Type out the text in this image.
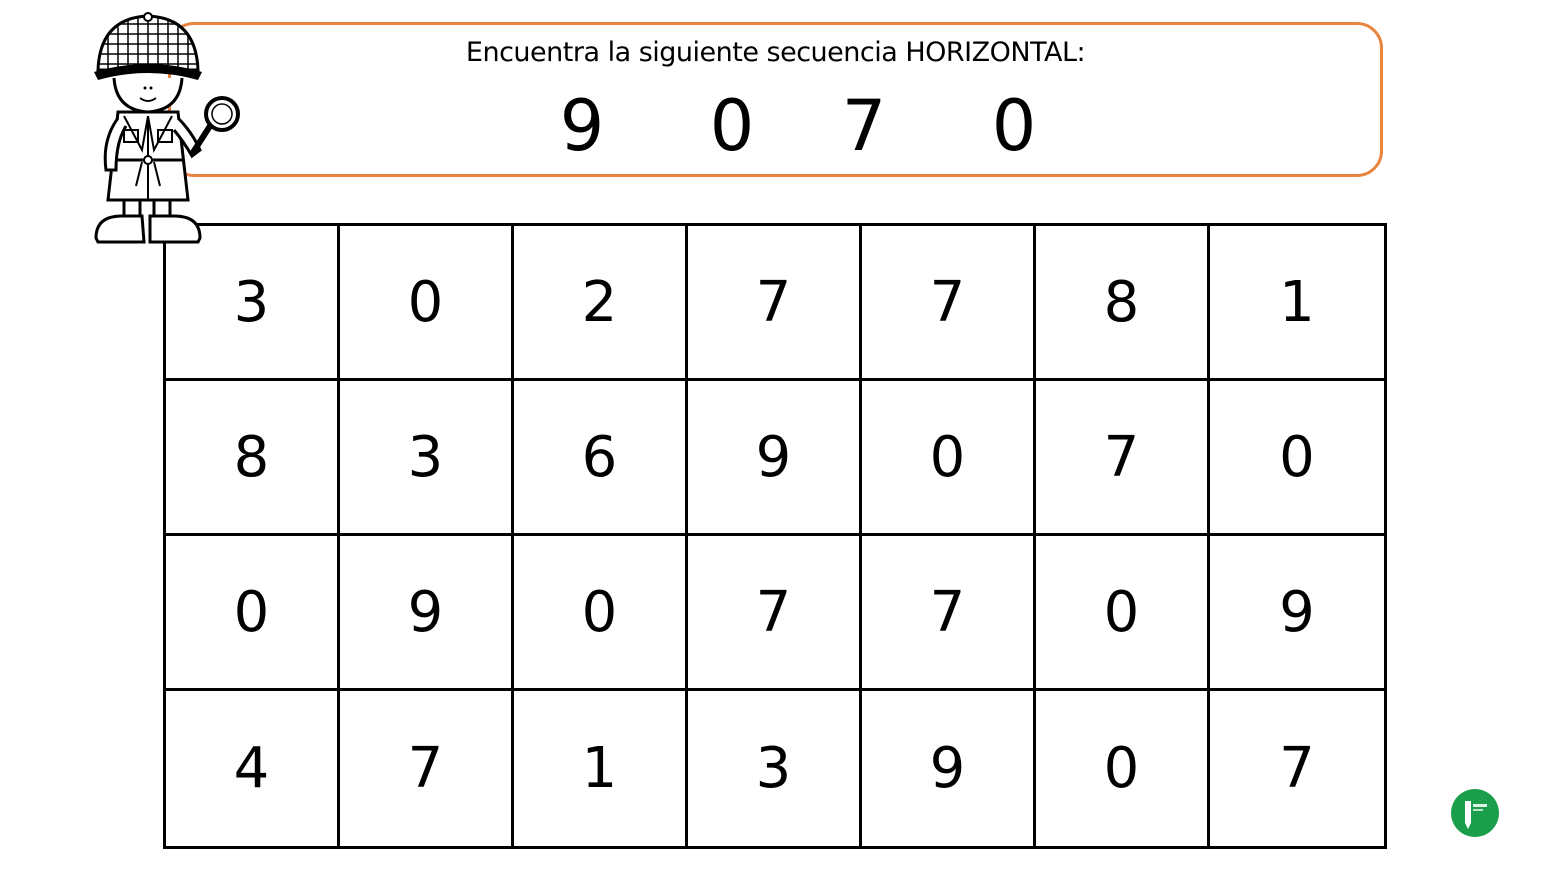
Encuentra la siguiente secuencia HORIZONTAL:
9 0 7 0
3	0	2	7	7	8	1
8	3	6	9	0	7	0
0	9	0	7	7	0	9
4	7	1	3	9	0	7
